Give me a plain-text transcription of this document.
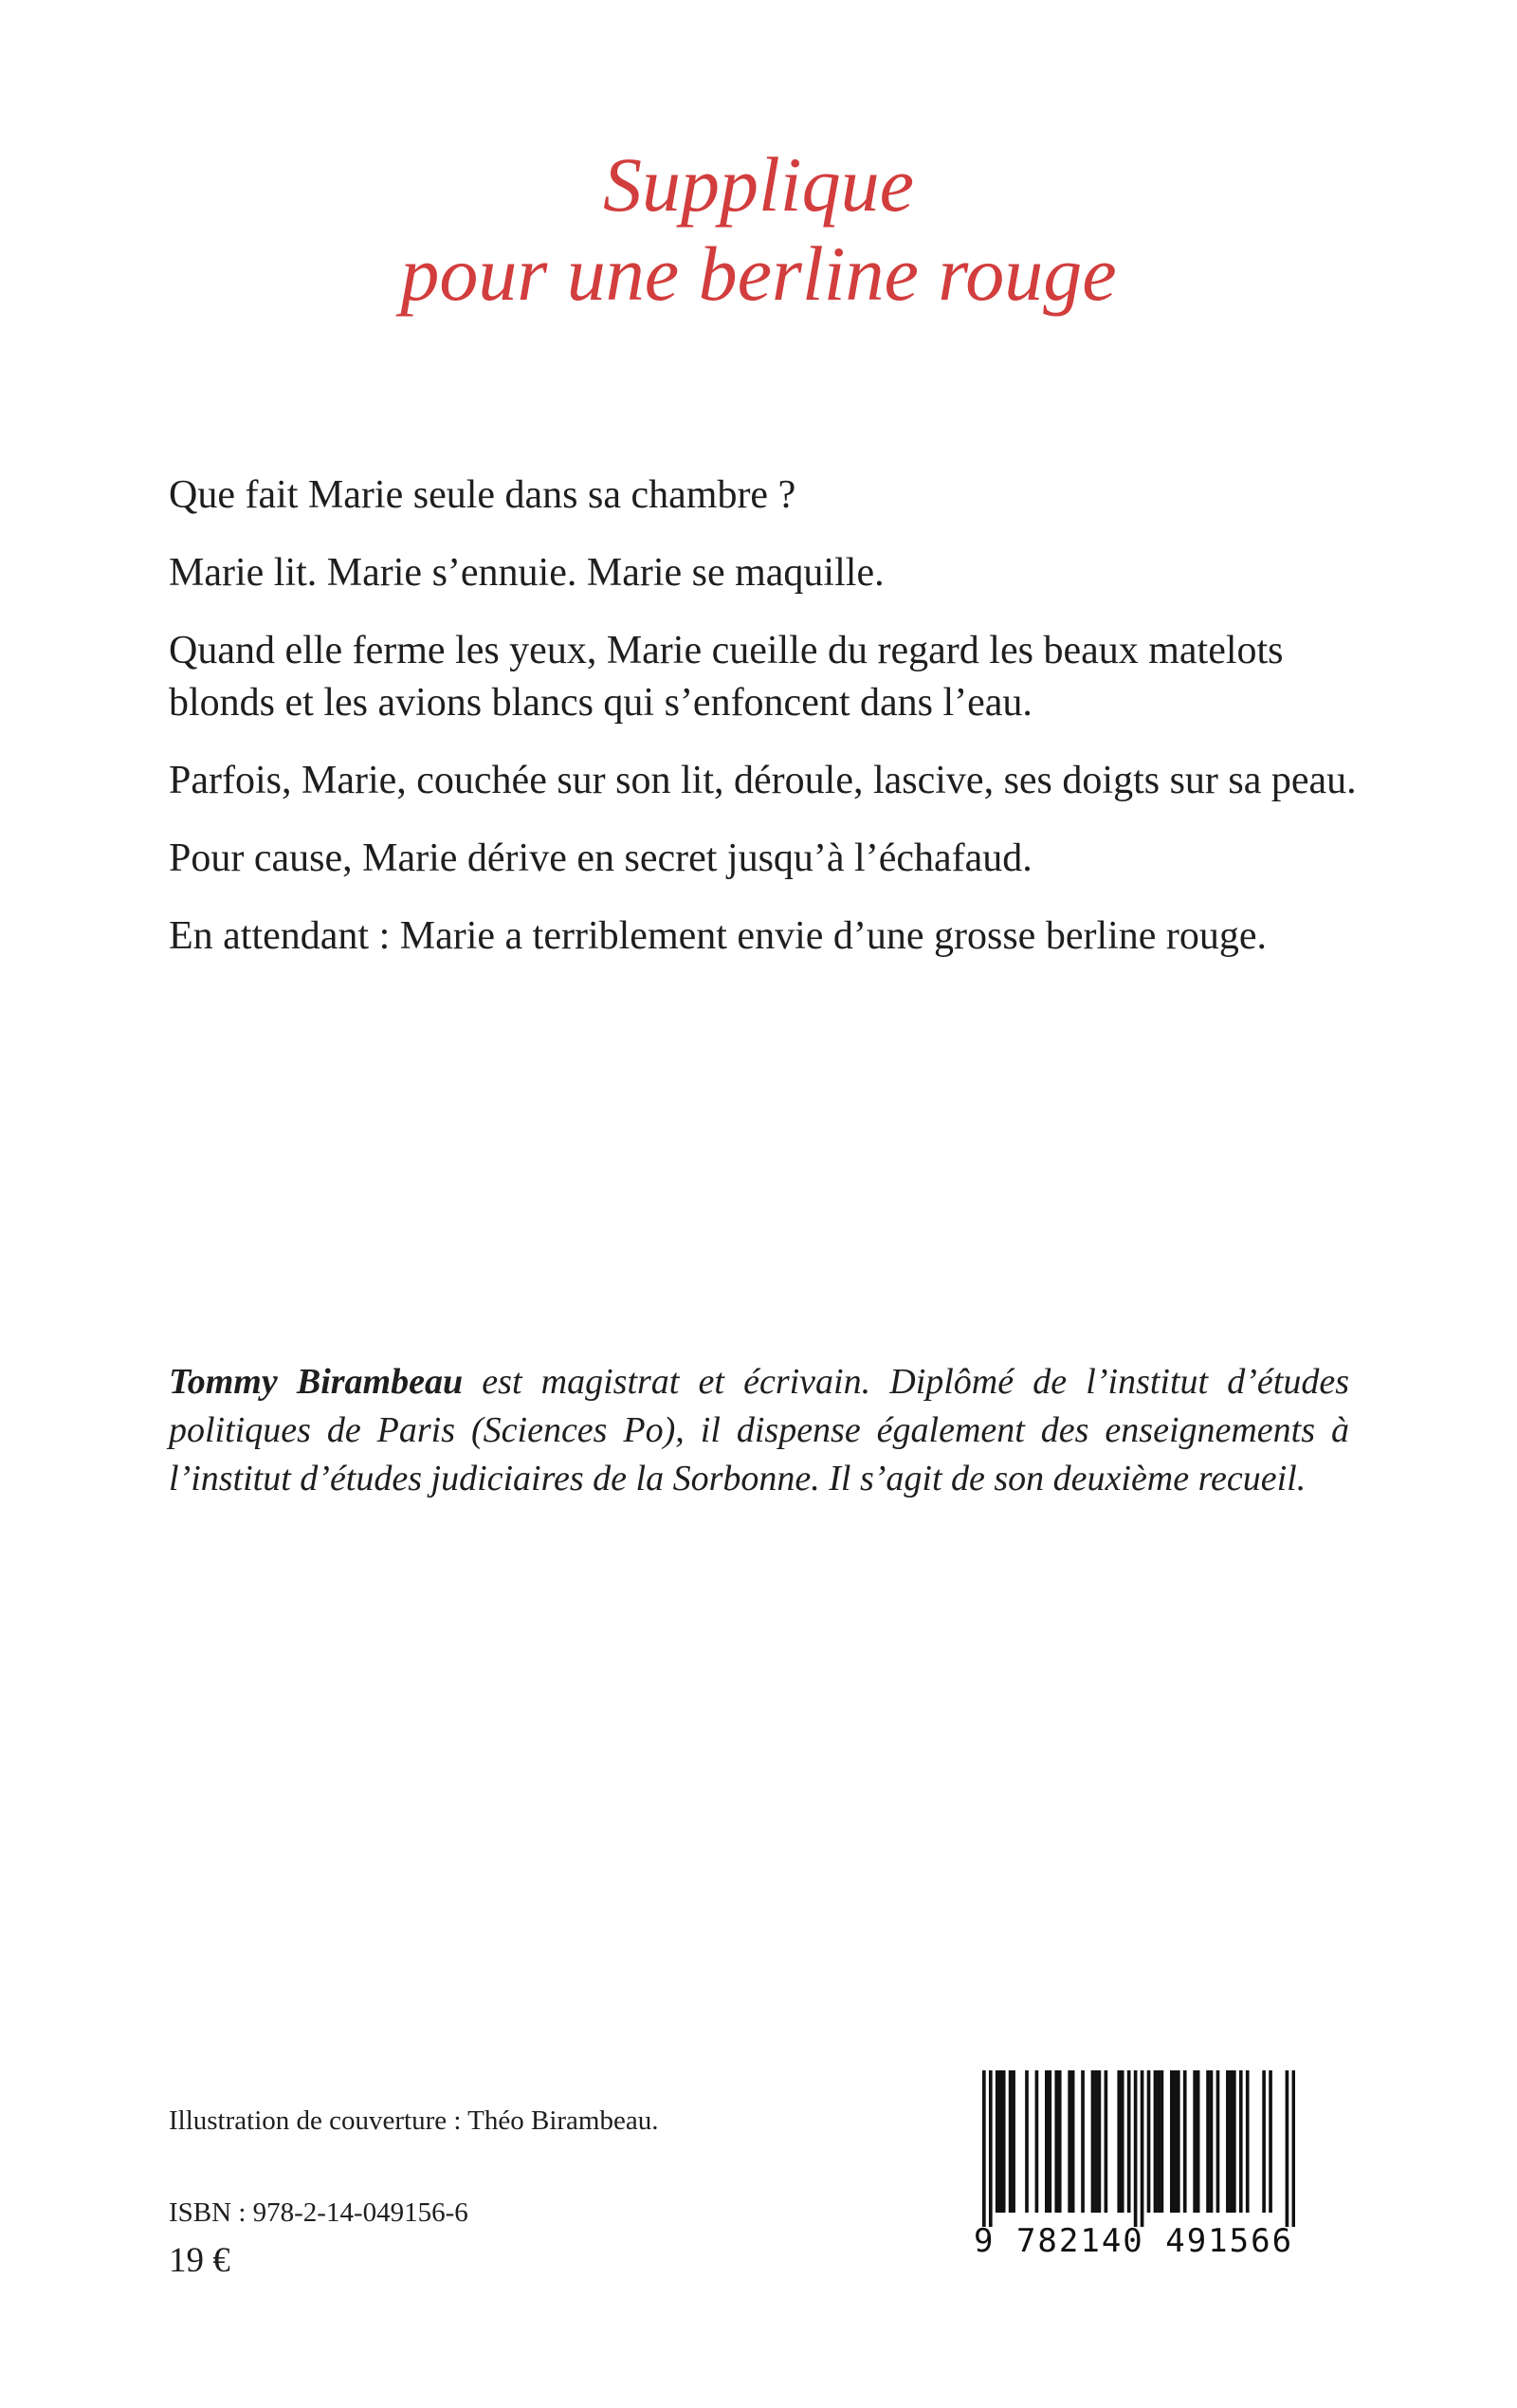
Supplique
pour une berline rouge

Que fait Marie seule dans sa chambre ?

Marie lit. Marie s’ennuie. Marie se maquille.

Quand elle ferme les yeux, Marie cueille du regard les beaux matelots blonds et les avions blancs qui s’enfoncent dans l’eau.

Parfois, Marie, couchée sur son lit, déroule, lascive, ses doigts sur sa peau.

Pour cause, Marie dérive en secret jusqu’à l’échafaud.

En attendant : Marie a terriblement envie d’une grosse berline rouge.

Tommy Birambeau est magistrat et écrivain. Diplômé de l’institut d’études politiques de Paris (Sciences Po), il dispense également des enseignements à l’institut d’études judiciaires de la Sorbonne. Il s’agit de son deuxième recueil.
Illustration de couverture : Théo Birambeau.
ISBN : 978-2-14-049156-6
19 €	9 782140 491566
